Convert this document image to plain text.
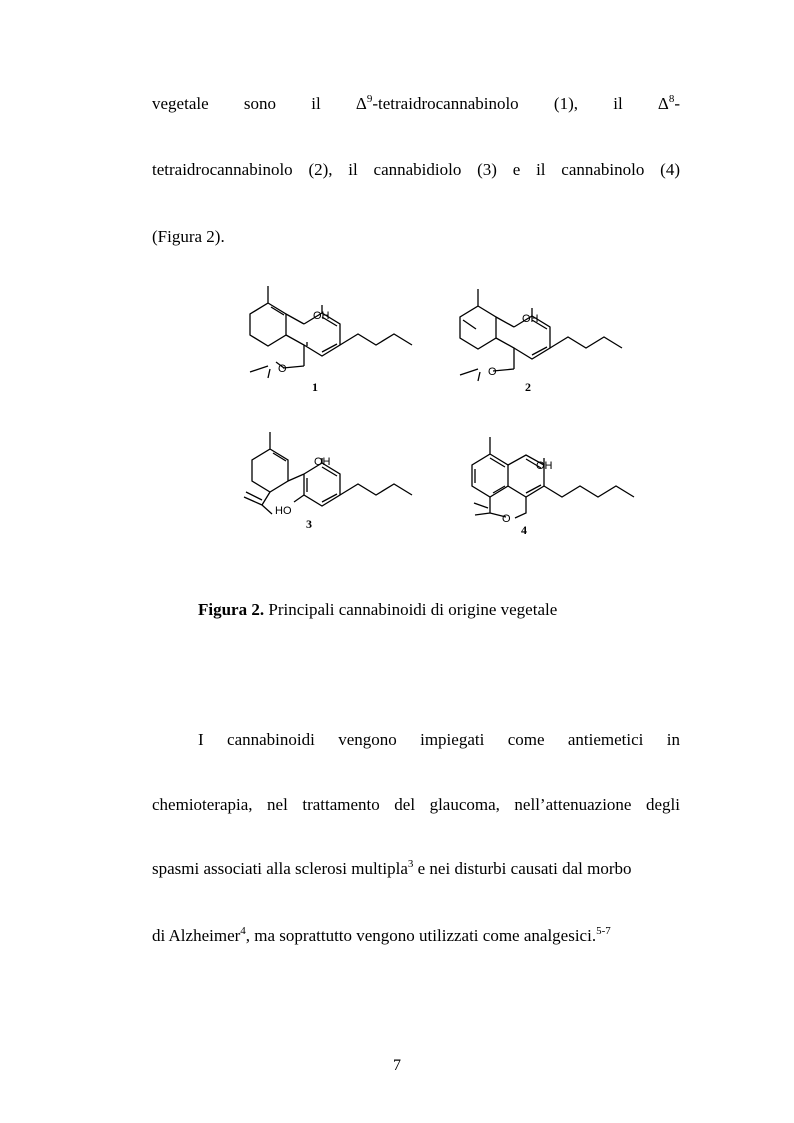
vegetale sono il $\Delta^9$-tetraidrocannabinolo (1), il $\Delta^8-$
tetraidrocannabinolo (2), il cannabidiolo (3) e il cannabinolo (4)
(Figura 2).
OH
O
1
OH
O
2
OH
HO
3
OH
O
4
Figura 2. Principali cannabinoidi di origine vegetale
I cannabinoidi vengono impiegati come antiemetici in
chemioterapia, nel trattamento del glaucoma, nell’attenuazione degli
spasmi associati alla sclerosi multipla$^3$ e nei disturbi causati dal morbo
di Alzheimer$^4$, ma soprattutto vengono utilizzati come analgesici.$^{5-7}$
7
